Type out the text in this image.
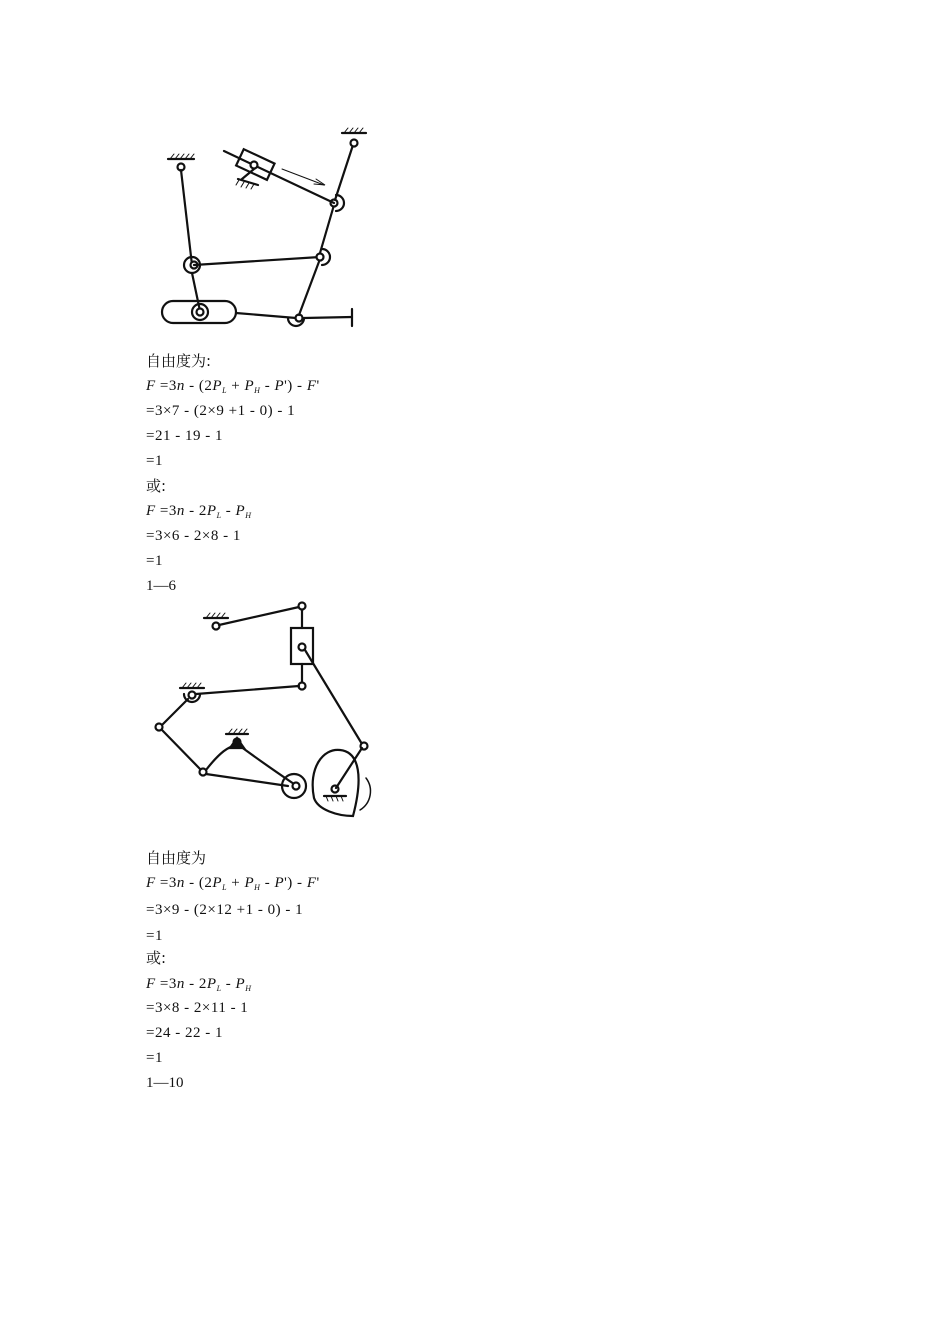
自由度为:
$F =3n - (2P_L + P_H - P') - F'$
=3×7 - (2×9 +1 - 0) - 1
=21 - 19 - 1
=1
或:
$F =3n - 2P_L - P_H$
=3×6 - 2×8 - 1
=1
1—6
自由度为
$F =3n - (2P_L + P_H - P') - F'$
=3×9 - (2×12 +1 - 0) - 1
=1
或:
$F =3n - 2P_L - P_H$
=3×8 - 2×11 - 1
=24 - 22 - 1
=1
1—10
